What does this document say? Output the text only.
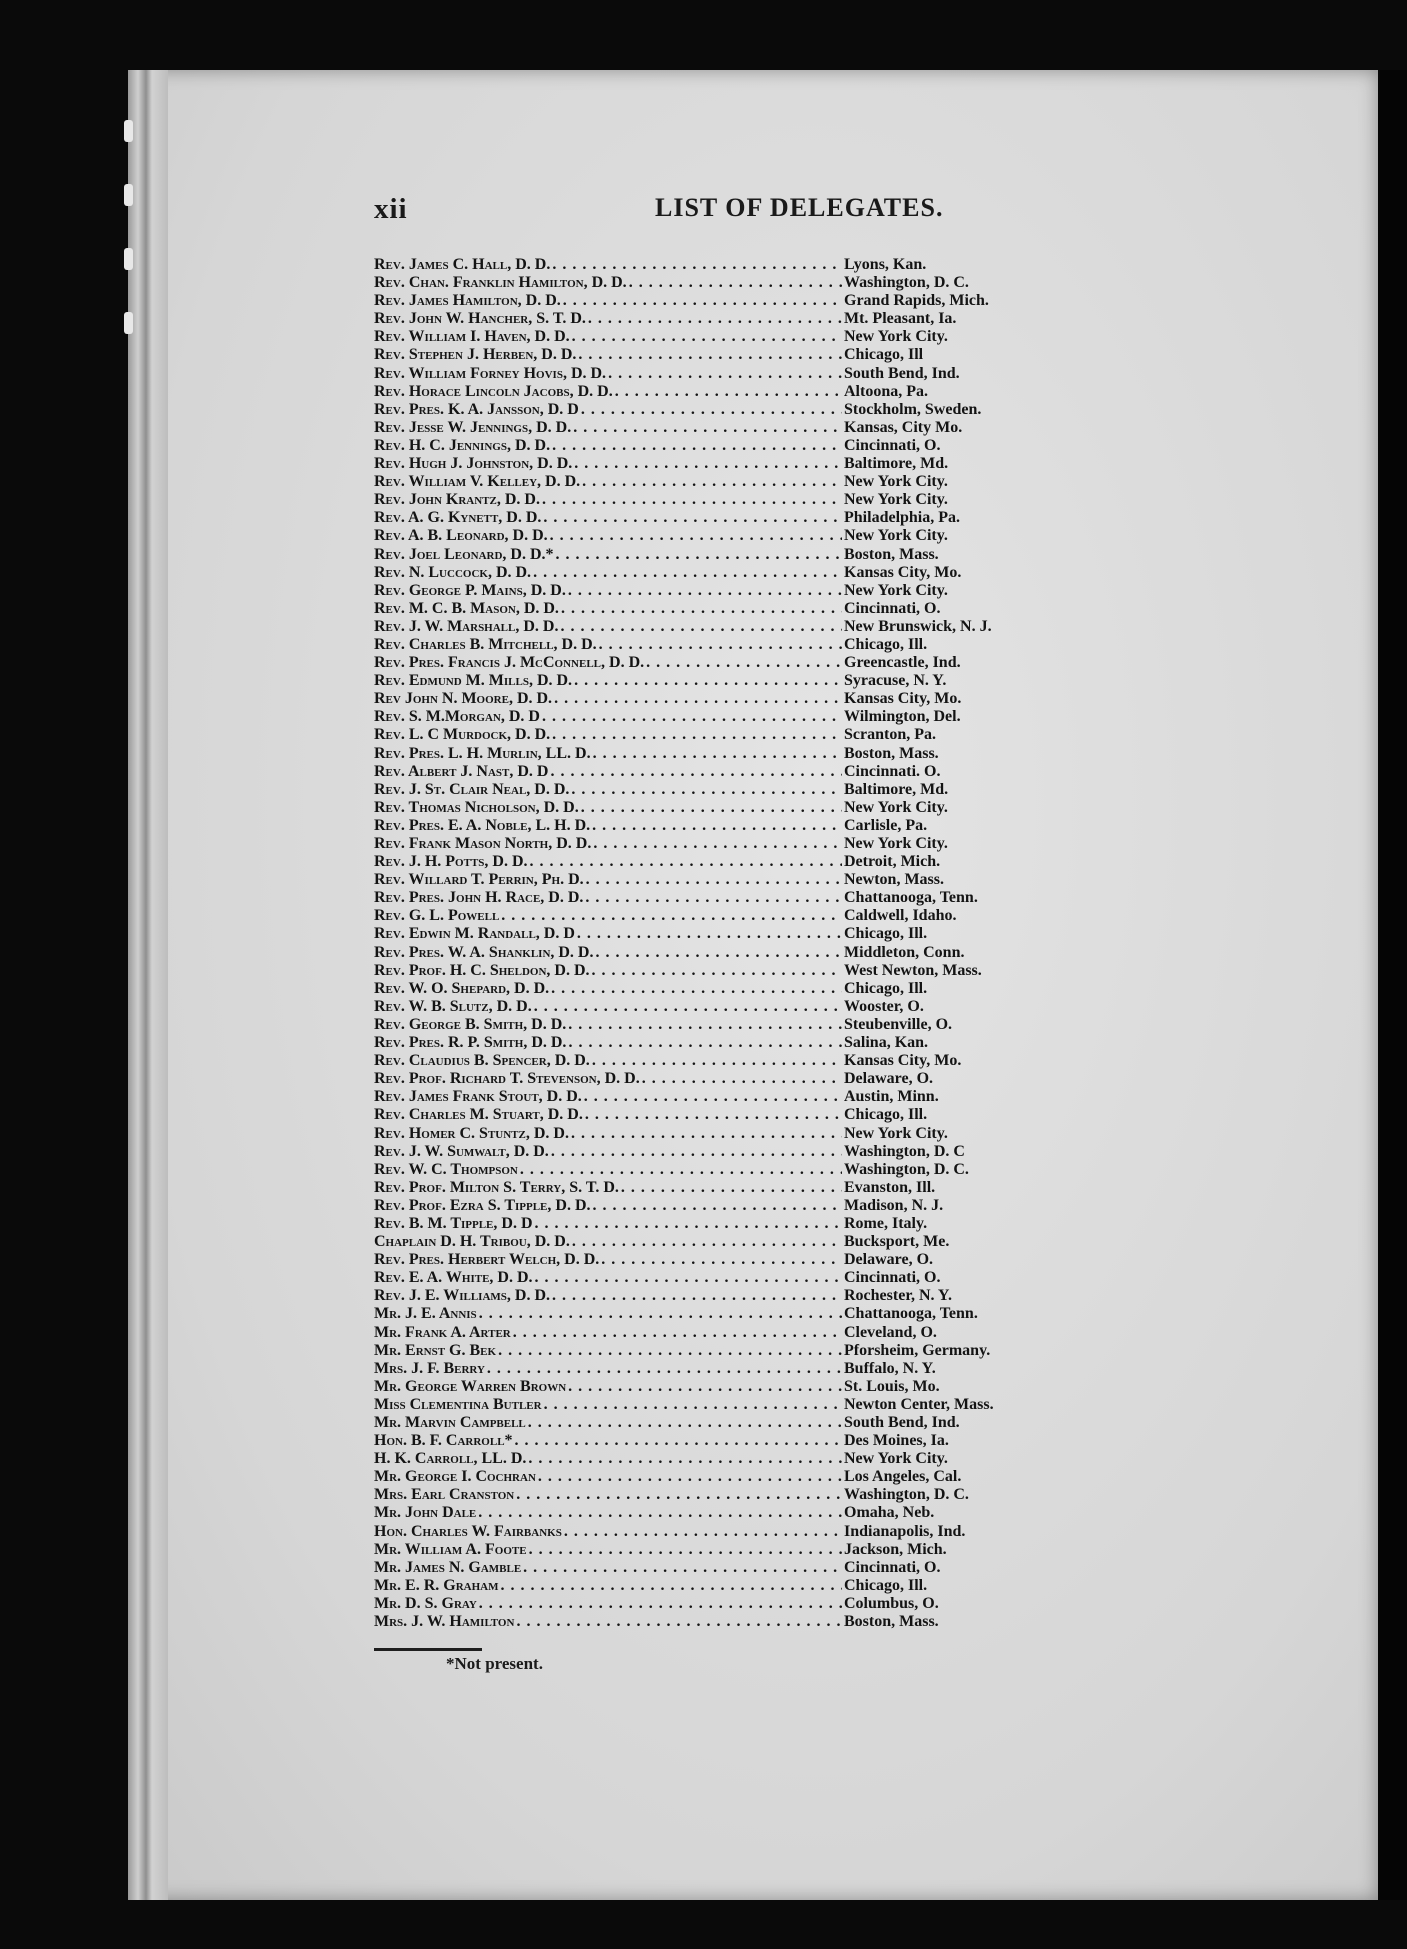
xii	LIST OF DELEGATES.
Rev. James C. Hall, D. D. . . .	Lyons, Kan.
Rev. Chan. Franklin Hamilton, D. D. . . .	Washington, D. C.
Rev. James Hamilton, D. D. . . .	Grand Rapids, Mich.
Rev. John W. Hancher, S. T. D. . . .	Mt. Pleasant, Ia.
Rev. William I. Haven, D. D. . . .	New York City.
Rev. Stephen J. Herben, D. D. . . .	Chicago, Ill
Rev. William Forney Hovis, D. D. . . .	South Bend, Ind.
Rev. Horace Lincoln Jacobs, D. D. . . .	Altoona, Pa.
Rev. Pres. K. A. Jansson, D. D . . .	Stockholm, Sweden.
Rev. Jesse W. Jennings, D. D. . . .	Kansas, City Mo.
Rev. H. C. Jennings, D. D. . . .	Cincinnati, O.
Rev. Hugh J. Johnston, D. D. . . .	Baltimore, Md.
Rev. William V. Kelley, D. D. . . .	New York City.
Rev. John Krantz, D. D. . . .	New York City.
Rev. A. G. Kynett, D. D. . . .	Philadelphia, Pa.
Rev. A. B. Leonard, D. D. . . .	New York City.
Rev. Joel Leonard, D. D.* . . .	Boston, Mass.
Rev. N. Luccock, D. D. . . .	Kansas City, Mo.
Rev. George P. Mains, D. D. . . .	New York City.
Rev. M. C. B. Mason, D. D. . . .	Cincinnati, O.
Rev. J. W. Marshall, D. D. . . .	New Brunswick, N. J.
Rev. Charles B. Mitchell, D. D. . . .	Chicago, Ill.
Rev. Pres. Francis J. McConnell, D. D. . . .	Greencastle, Ind.
Rev. Edmund M. Mills, D. D. . . .	Syracuse, N. Y.
Rev John N. Moore, D. D. . . .	Kansas City, Mo.
Rev. S. M.Morgan, D. D . . .	Wilmington, Del.
Rev. L. C Murdock, D. D. . . .	Scranton, Pa.
Rev. Pres. L. H. Murlin, LL. D. . . .	Boston, Mass.
Rev. Albert J. Nast, D. D . . .	Cincinnati. O.
Rev. J. St. Clair Neal, D. D. . . .	Baltimore, Md.
Rev. Thomas Nicholson, D. D. . . .	New York City.
Rev. Pres. E. A. Noble, L. H. D. . . .	Carlisle, Pa.
Rev. Frank Mason North, D. D. . . .	New York City.
Rev. J. H. Potts, D. D. . . .	Detroit, Mich.
Rev. Willard T. Perrin, Ph. D. . . .	Newton, Mass.
Rev. Pres. John H. Race, D. D. . . .	Chattanooga, Tenn.
Rev. G. L. Powell . . .	Caldwell, Idaho.
Rev. Edwin M. Randall, D. D . . .	Chicago, Ill.
Rev. Pres. W. A. Shanklin, D. D. . . .	Middleton, Conn.
Rev. Prof. H. C. Sheldon, D. D. . . .	West Newton, Mass.
Rev. W. O. Shepard, D. D. . . .	Chicago, Ill.
Rev. W. B. Slutz, D. D. . . .	Wooster, O.
Rev. George B. Smith, D. D. . . .	Steubenville, O.
Rev. Pres. R. P. Smith, D. D. . . .	Salina, Kan.
Rev. Claudius B. Spencer, D. D. . . .	Kansas City, Mo.
Rev. Prof. Richard T. Stevenson, D. D. . . .	Delaware, O.
Rev. James Frank Stout, D. D. . . .	Austin, Minn.
Rev. Charles M. Stuart, D. D. . . .	Chicago, Ill.
Rev. Homer C. Stuntz, D. D. . . .	New York City.
Rev. J. W. Sumwalt, D. D. . . .	Washington, D. C
Rev. W. C. Thompson . . .	Washington, D. C.
Rev. Prof. Milton S. Terry, S. T. D. . . .	Evanston, Ill.
Rev. Prof. Ezra S. Tipple, D. D. . . .	Madison, N. J.
Rev. B. M. Tipple, D. D . . .	Rome, Italy.
Chaplain D. H. Tribou, D. D. . . .	Bucksport, Me.
Rev. Pres. Herbert Welch, D. D. . . .	Delaware, O.
Rev. E. A. White, D. D. . . .	Cincinnati, O.
Rev. J. E. Williams, D. D. . . .	Rochester, N. Y.
Mr. J. E. Annis . . .	Chattanooga, Tenn.
Mr. Frank A. Arter . . .	Cleveland, O.
Mr. Ernst G. Bek . . .	Pforsheim, Germany.
Mrs. J. F. Berry . . .	Buffalo, N. Y.
Mr. George Warren Brown . . .	St. Louis, Mo.
Miss Clementina Butler . . .	Newton Center, Mass.
Mr. Marvin Campbell . . .	South Bend, Ind.
Hon. B. F. Carroll* . . .	Des Moines, Ia.
H. K. Carroll, LL. D. . . .	New York City.
Mr. George I. Cochran . . .	Los Angeles, Cal.
Mrs. Earl Cranston . . .	Washington, D. C.
Mr. John Dale . . .	Omaha, Neb.
Hon. Charles W. Fairbanks . . .	Indianapolis, Ind.
Mr. William A. Foote . . .	Jackson, Mich.
Mr. James N. Gamble . . .	Cincinnati, O.
Mr. E. R. Graham . . .	Chicago, Ill.
Mr. D. S. Gray . . .	Columbus, O.
Mrs. J. W. Hamilton . . .	Boston, Mass.
*Not present.
